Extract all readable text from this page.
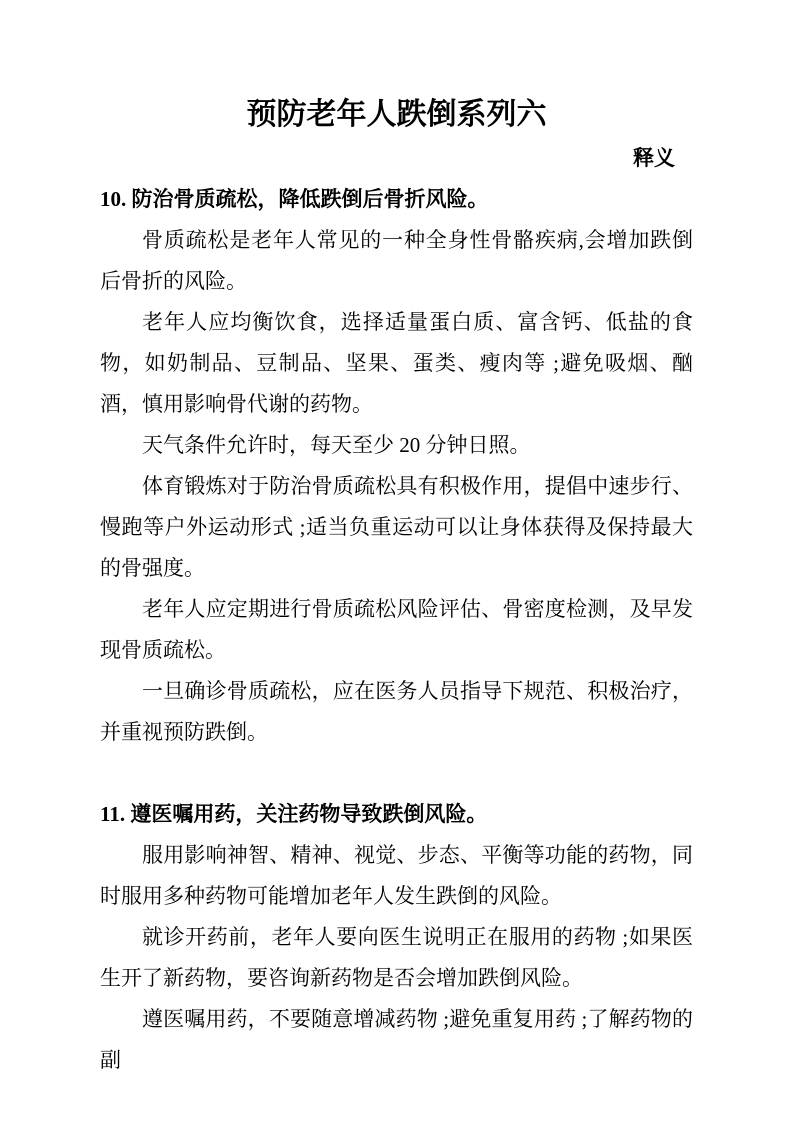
预防老年人跌倒系列六
释义
10. 防治骨质疏松，降低跌倒后骨折风险。

骨质疏松是老年人常见的一种全身性骨骼疾病,会增加跌倒后骨折的风险。

老年人应均衡饮食，选择适量蛋白质、富含钙、低盐的食物，如奶制品、豆制品、坚果、蛋类、瘦肉等 ;避免吸烟、酗酒，慎用影响骨代谢的药物。

天气条件允许时，每天至少 20 分钟日照。

体育锻炼对于防治骨质疏松具有积极作用，提倡中速步行、慢跑等户外运动形式 ;适当负重运动可以让身体获得及保持最大的骨强度。

老年人应定期进行骨质疏松风险评估、骨密度检测，及早发现骨质疏松。

一旦确诊骨质疏松，应在医务人员指导下规范、积极治疗，并重视预防跌倒。

11. 遵医嘱用药，关注药物导致跌倒风险。

服用影响神智、精神、视觉、步态、平衡等功能的药物，同时服用多种药物可能增加老年人发生跌倒的风险。

就诊开药前，老年人要向医生说明正在服用的药物 ;如果医生开了新药物，要咨询新药物是否会增加跌倒风险。

遵医嘱用药，不要随意增减药物 ;避免重复用药 ;了解药物的副
